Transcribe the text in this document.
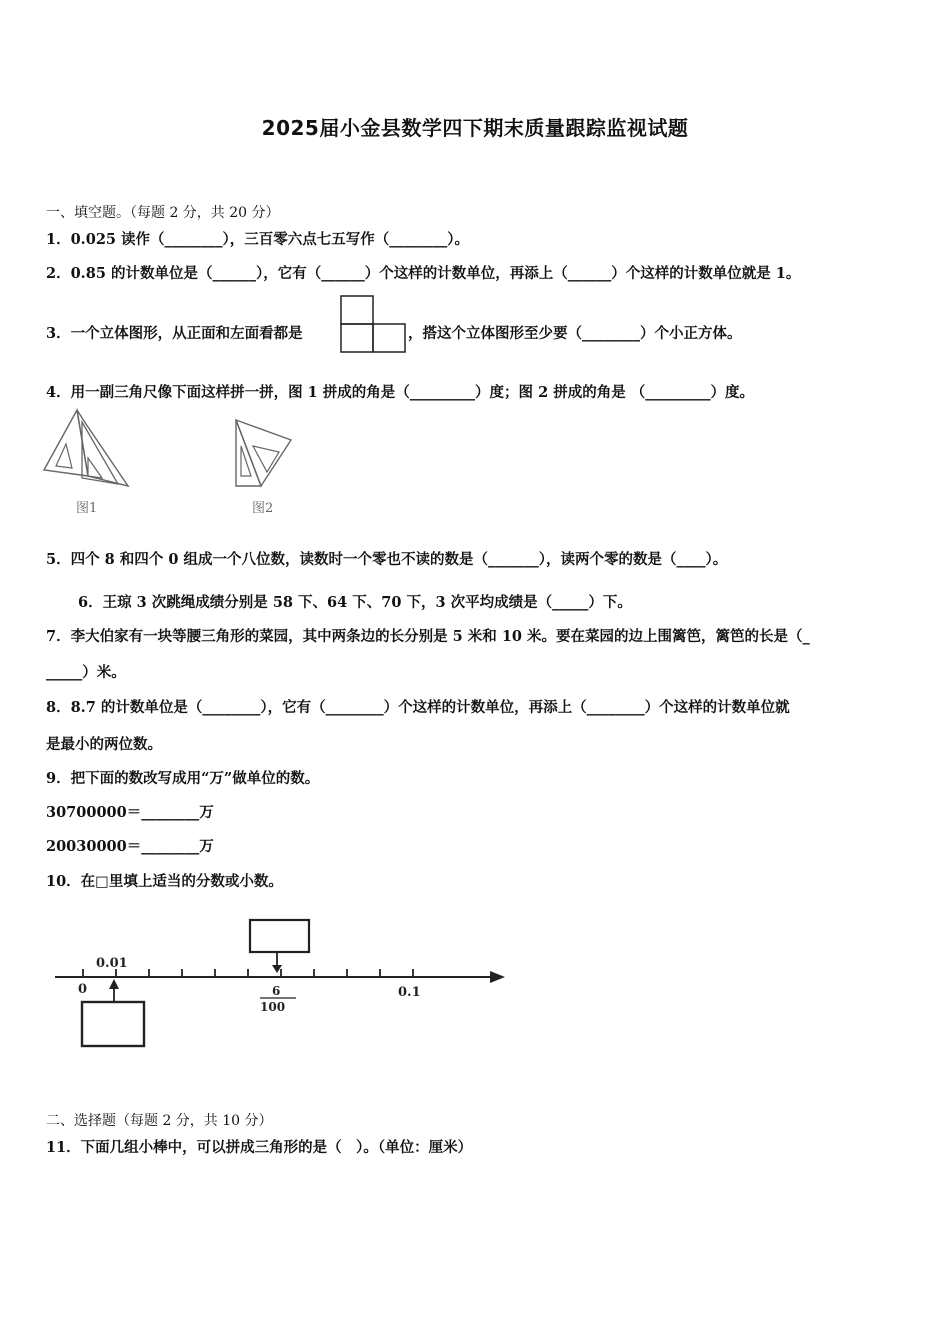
2025届小金县数学四下期末质量跟踪监视试题
一、填空题。（每题 2 分，共 20 分）
1．0.025 读作（________），三百零六点七五写作（________）。
2．0.85 的计数单位是（______），它有（______）个这样的计数单位，再添上（______）个这样的计数单位就是 1。
3．一个立体图形，从正面和左面看都是	，搭这个立体图形至少要（________）个小正方体。
4．用一副三角尺像下面这样拼一拼，图 1 拼成的角是（_________）度；图 2 拼成的角是 （_________）度。
图1	图2
5．四个 8 和四个 0 组成一个八位数，读数时一个零也不读的数是（_______），读两个零的数是（____）。
6．王琼 3 次跳绳成绩分别是 58 下、64 下、70 下，3 次平均成绩是（_____）下。
7．李大伯家有一块等腰三角形的菜园，其中两条边的长分别是 5 米和 10 米。要在菜园的边上围篱笆，篱笆的长是（_
_____）米。
8．8.7 的计数单位是（________），它有（________）个这样的计数单位，再添上（________）个这样的计数单位就
是最小的两位数。
9．把下面的数改写成用“万”做单位的数。
30700000＝________万
20030000＝________万
10．在□里填上适当的分数或小数。
0.01
0	6
100
0.1
二、选择题（每题 2 分，共 10 分）
11．下面几组小棒中，可以拼成三角形的是（　）。（单位：厘米）
